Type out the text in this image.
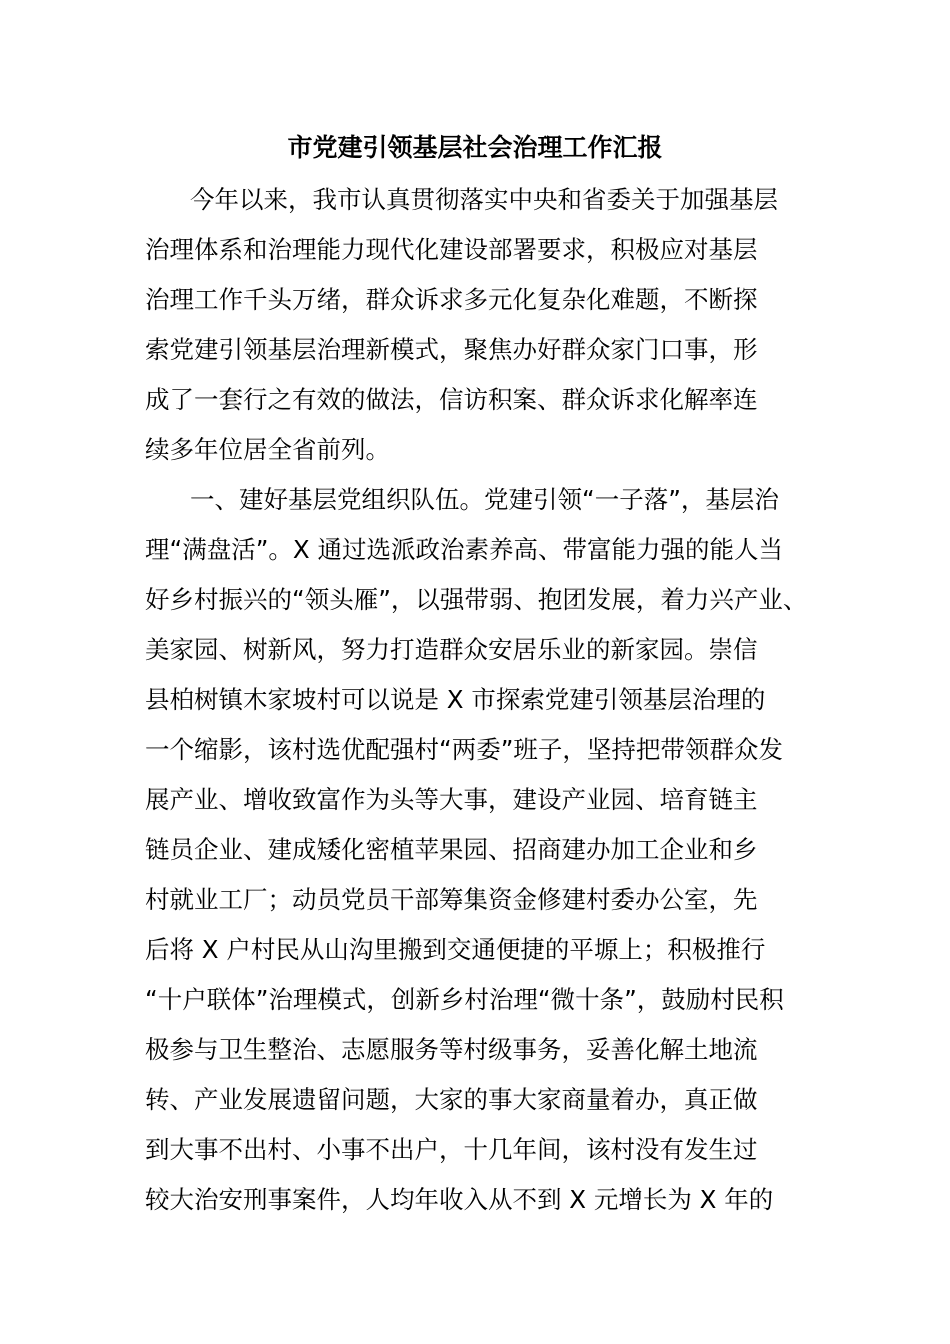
市党建引领基层社会治理工作汇报
今年以来，我市认真贯彻落实中央和省委关于加强基层
治理体系和治理能力现代化建设部署要求，积极应对基层
治理工作千头万绪，群众诉求多元化复杂化难题，不断探
索党建引领基层治理新模式，聚焦办好群众家门口事，形
成了一套行之有效的做法，信访积案、群众诉求化解率连
续多年位居全省前列。
一、建好基层党组织队伍。党建引领“一子落”，基层治
理“满盘活”。X 通过选派政治素养高、带富能力强的能人当
好乡村振兴的“领头雁”，以强带弱、抱团发展，着力兴产业、
美家园、树新风，努力打造群众安居乐业的新家园。崇信
县柏树镇木家坡村可以说是 X 市探索党建引领基层治理的
一个缩影，该村选优配强村“两委”班子，坚持把带领群众发
展产业、增收致富作为头等大事，建设产业园、培育链主
链员企业、建成矮化密植苹果园、招商建办加工企业和乡
村就业工厂；动员党员干部筹集资金修建村委办公室，先
后将 X 户村民从山沟里搬到交通便捷的平塬上；积极推行
“十户联体”治理模式，创新乡村治理“微十条”，鼓励村民积
极参与卫生整治、志愿服务等村级事务，妥善化解土地流
转、产业发展遗留问题，大家的事大家商量着办，真正做
到大事不出村、小事不出户，十几年间，该村没有发生过
较大治安刑事案件，人均年收入从不到 X 元增长为 X 年的
